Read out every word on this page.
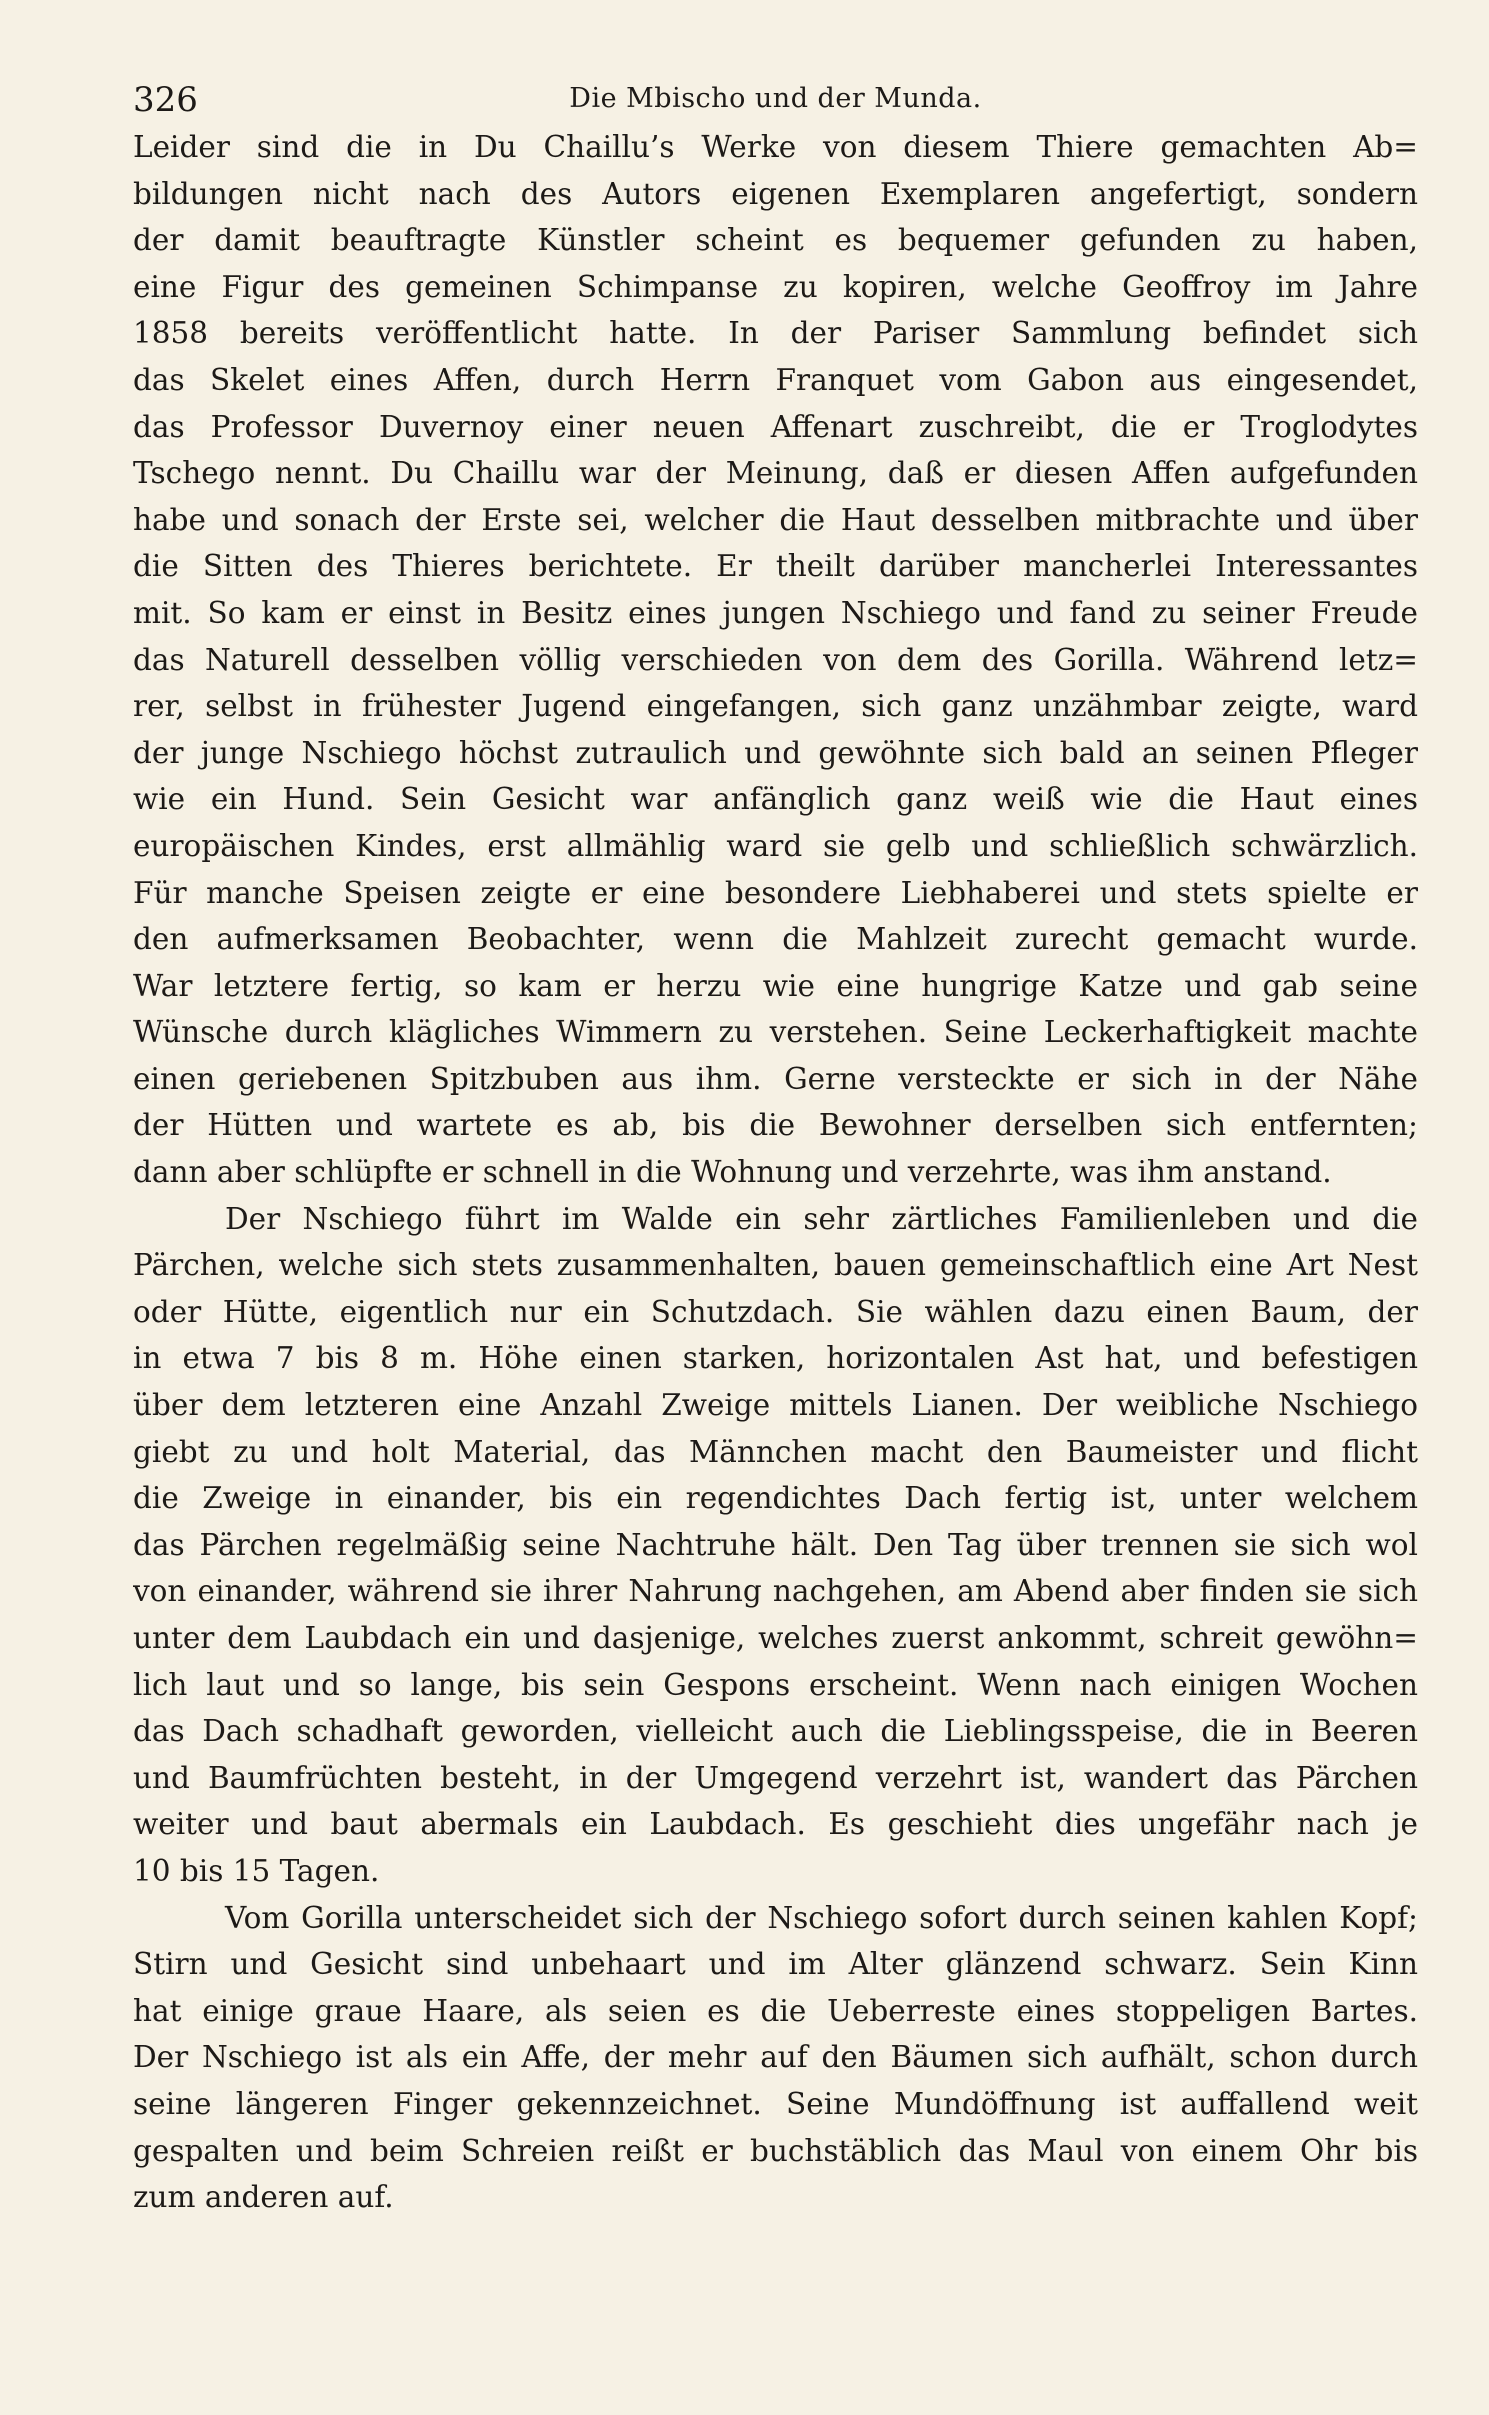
326	Die Mbischo und der Munda.
Leider sind die in Du Chaillu’s Werke von diesem Thiere gemachten Ab=
bildungen nicht nach des Autors eigenen Exemplaren angefertigt, sondern
der damit beauftragte Künstler scheint es bequemer gefunden zu haben,
eine Figur des gemeinen Schimpanse zu kopiren, welche Geoffroy im Jahre
1858 bereits veröffentlicht hatte. In der Pariser Sammlung befindet sich
das Skelet eines Affen, durch Herrn Franquet vom Gabon aus eingesendet,
das Professor Duvernoy einer neuen Affenart zuschreibt, die er Troglodytes
Tschego nennt. Du Chaillu war der Meinung, daß er diesen Affen aufgefunden
habe und sonach der Erste sei, welcher die Haut desselben mitbrachte und über
die Sitten des Thieres berichtete. Er theilt darüber mancherlei Interessantes
mit. So kam er einst in Besitz eines jungen Nschiego und fand zu seiner Freude
das Naturell desselben völlig verschieden von dem des Gorilla. Während letz=
rer, selbst in frühester Jugend eingefangen, sich ganz unzähmbar zeigte, ward
der junge Nschiego höchst zutraulich und gewöhnte sich bald an seinen Pfleger
wie ein Hund. Sein Gesicht war anfänglich ganz weiß wie die Haut eines
europäischen Kindes, erst allmählig ward sie gelb und schließlich schwärzlich.
Für manche Speisen zeigte er eine besondere Liebhaberei und stets spielte er
den aufmerksamen Beobachter, wenn die Mahlzeit zurecht gemacht wurde.
War letztere fertig, so kam er herzu wie eine hungrige Katze und gab seine
Wünsche durch klägliches Wimmern zu verstehen. Seine Leckerhaftigkeit machte
einen geriebenen Spitzbuben aus ihm. Gerne versteckte er sich in der Nähe
der Hütten und wartete es ab, bis die Bewohner derselben sich entfernten;
dann aber schlüpfte er schnell in die Wohnung und verzehrte, was ihm anstand.
Der Nschiego führt im Walde ein sehr zärtliches Familienleben und die
Pärchen, welche sich stets zusammenhalten, bauen gemeinschaftlich eine Art Nest
oder Hütte, eigentlich nur ein Schutzdach. Sie wählen dazu einen Baum, der
in etwa 7 bis 8 m. Höhe einen starken, horizontalen Ast hat, und befestigen
über dem letzteren eine Anzahl Zweige mittels Lianen. Der weibliche Nschiego
giebt zu und holt Material, das Männchen macht den Baumeister und flicht
die Zweige in einander, bis ein regendichtes Dach fertig ist, unter welchem
das Pärchen regelmäßig seine Nachtruhe hält. Den Tag über trennen sie sich wol
von einander, während sie ihrer Nahrung nachgehen, am Abend aber finden sie sich
unter dem Laubdach ein und dasjenige, welches zuerst ankommt, schreit gewöhn=
lich laut und so lange, bis sein Gespons erscheint. Wenn nach einigen Wochen
das Dach schadhaft geworden, vielleicht auch die Lieblingsspeise, die in Beeren
und Baumfrüchten besteht, in der Umgegend verzehrt ist, wandert das Pärchen
weiter und baut abermals ein Laubdach. Es geschieht dies ungefähr nach je
10 bis 15 Tagen.
Vom Gorilla unterscheidet sich der Nschiego sofort durch seinen kahlen Kopf;
Stirn und Gesicht sind unbehaart und im Alter glänzend schwarz. Sein Kinn
hat einige graue Haare, als seien es die Ueberreste eines stoppeligen Bartes.
Der Nschiego ist als ein Affe, der mehr auf den Bäumen sich aufhält, schon durch
seine längeren Finger gekennzeichnet. Seine Mundöffnung ist auffallend weit
gespalten und beim Schreien reißt er buchstäblich das Maul von einem Ohr bis
zum anderen auf.
